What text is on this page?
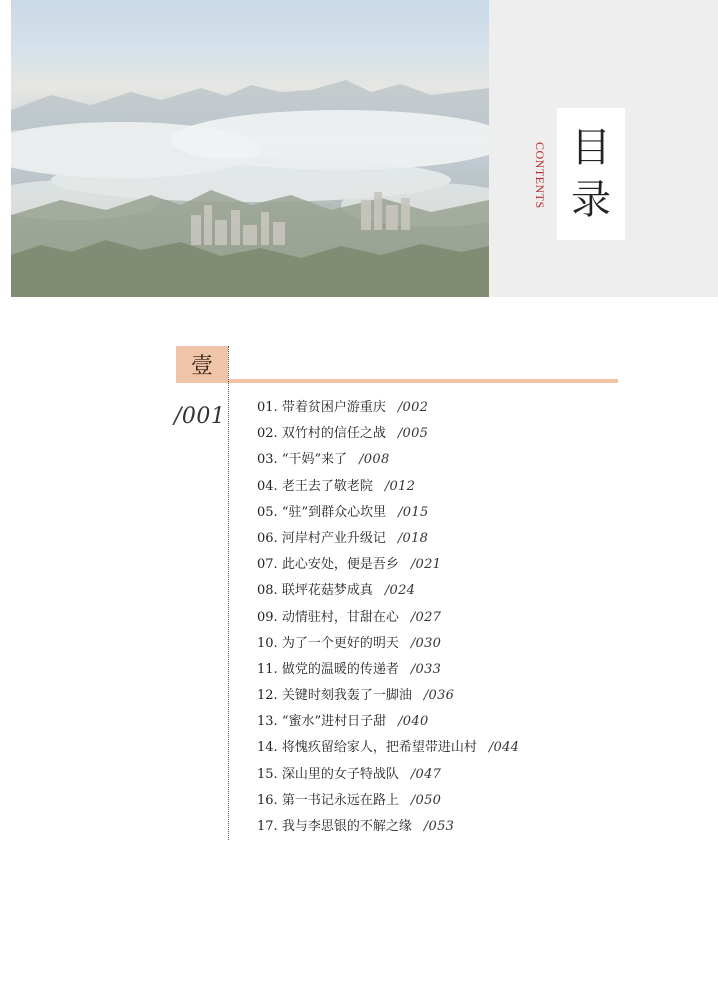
CONTENTS 目
录
壹
/001 01. 带着贫困户游重庆 /002
02. 双竹村的信任之战 /005
03. “干妈”来了 /008
04. 老王去了敬老院 /012
05. “驻”到群众心坎里 /015
06. 河岸村产业升级记 /018
07. 此心安处，便是吾乡 /021
08. 联坪花菇梦成真 /024
09. 动情驻村，甘甜在心 /027
10. 为了一个更好的明天 /030
11. 做党的温暖的传递者 /033
12. 关键时刻我轰了一脚油 /036
13. “蜜水”进村日子甜 /040
14. 将愧疚留给家人，把希望带进山村 /044
15. 深山里的女子特战队 /047
16. 第一书记永远在路上 /050
17. 我与李思银的不解之缘 /053
